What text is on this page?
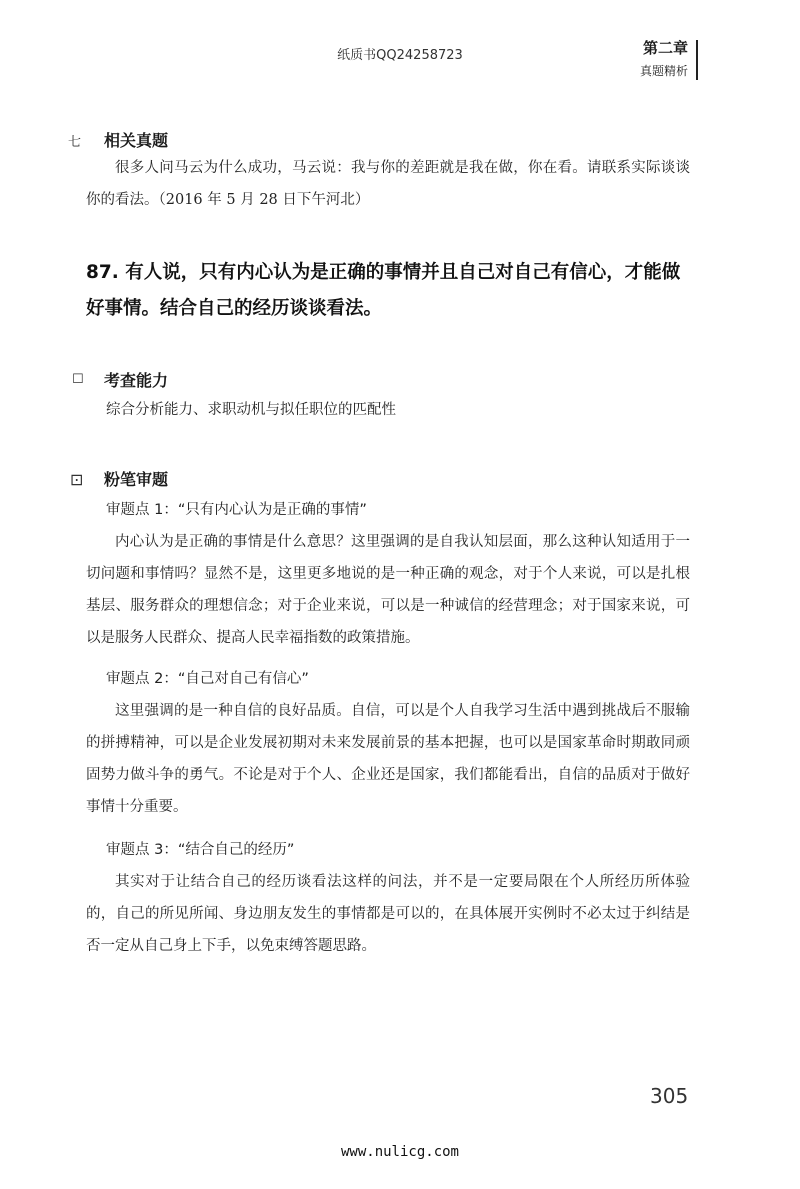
纸质书QQ24258723	第二章
真题精析
七 相关真题
很多人问马云为什么成功，马云说：我与你的差距就是我在做，你在看。请联系实际谈谈你的看法。（2016 年 5 月 28 日下午河北）
87. 有人说，只有内心认为是正确的事情并且自己对自己有信心，才能做好事情。结合自己的经历谈谈看法。
☐ 考查能力
综合分析能力、求职动机与拟任职位的匹配性
⊡ 粉笔审题
审题点 1：“只有内心认为是正确的事情”
内心认为是正确的事情是什么意思？这里强调的是自我认知层面，那么这种认知适用于一切问题和事情吗？显然不是，这里更多地说的是一种正确的观念，对于个人来说，可以是扎根基层、服务群众的理想信念；对于企业来说，可以是一种诚信的经营理念；对于国家来说，可以是服务人民群众、提高人民幸福指数的政策措施。
审题点 2：“自己对自己有信心”
这里强调的是一种自信的良好品质。自信，可以是个人自我学习生活中遇到挑战后不服输的拼搏精神，可以是企业发展初期对未来发展前景的基本把握，也可以是国家革命时期敢同顽固势力做斗争的勇气。不论是对于个人、企业还是国家，我们都能看出，自信的品质对于做好事情十分重要。
审题点 3：“结合自己的经历”
其实对于让结合自己的经历谈看法这样的问法，并不是一定要局限在个人所经历所体验的，自己的所见所闻、身边朋友发生的事情都是可以的，在具体展开实例时不必太过于纠结是否一定从自己身上下手，以免束缚答题思路。
305
www.nulicg.com
